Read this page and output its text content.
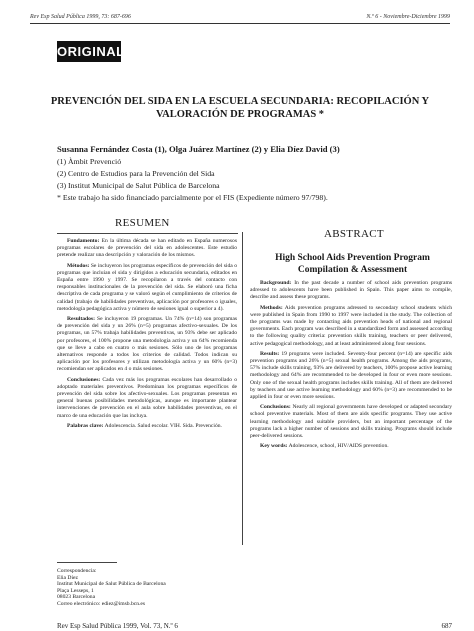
Rev Esp Salud Pública 1999, 73: 687-696	N.º 6 - Noviembre-Diciembre 1999
ORIGINAL
PREVENCIÓN DEL SIDA EN LA ESCUELA SECUNDARIA: RECOPILACIÓN Y
VALORACIÓN DE PROGRAMAS *
Susanna Fernández Costa (1), Olga Juárez Martínez (2) y Elia Díez David (3)
(1) Àmbit Prevenció
(2) Centro de Estudios para la Prevención del Sida
(3) Institut Municipal de Salut Pública de Barcelona
* Este trabajo ha sido financiado parcialmente por el FIS (Expediente número 97/798).
RESUMEN

Fundamento: En la última década se han editado en España numerosos programas escolares de prevención del sida en adolescentes. Este estudio pretende realizar una descripción y valoración de los mismos.

Métodos: Se incluyeron los programas específicos de prevención del sida o programas que incluían el sida y dirigidos a educación secundaria, editados en España entre 1990 y 1997. Se recopilaron a través del contacto con responsables institucionales de la prevención del sida. Se elaboró una ficha descriptiva de cada programa y se valoró según el cumplimiento de criterios de calidad (trabajo de habilidades preventivas, aplicación por profesores o iguales, metodología pedagógica activa y número de sesiones igual o superior a 4).

Resultados: Se incluyeron 19 programas. Un 74% (n=14) son programas de prevención del sida y un 26% (n=5) programas afectivo-sexuales. De los programas, un 57% trabaja habilidades preventivas, un 93% debe ser aplicado por profesores, el 100% propone una metodología activa y un 64% recomienda que se lleve a cabo en cuatro o más sesiones. Sólo uno de los programas alternativos responde a todos los criterios de calidad. Todos indican su aplicación por los profesores y utilizan metodología activa y un 60% (n=3) recomiendan ser aplicados en 4 o más sesiones.

Conclusiones: Cada vez más los programas escolares han desarrollado o adoptado materiales preventivos. Predominan los programas específicos de prevención del sida sobre los afectivo-sexuales. Los programas presentan en general buenas posibilidades metodológicas, aunque es importante plantear intervenciones de prevención en el aula sobre habilidades preventivas, en el marco de una educación que las incluya.

Palabras clave: Adolescencia. Salud escolar. VIH. Sida. Prevención.

ABSTRACT
High School Aids Prevention Program
Compilation & Assessment

Background: In the past decade a number of school aids prevention programs adressed to adolescents have been published in Spain. This paper aims to compile, describe and assess these programs.

Methods: Aids prevention programs adressed to secondary school students which were published in Spain from 1990 to 1997 were included in the study. The collection of the programs was made by contacting aids prevention heads of national and regional governments. Each program was described in a standardized form and assessed according to the following quality criteria: prevention skills training, teachers or peer delivered, active pedagogical methodology, and at least administered along four sessions.

Results: 19 programs were included. Seventy-four percent (n=14) are specific aids prevention programs and 26% (n=5) sexual health programs. Among the aids programs, 57% include skills training, 93% are delivered by teachers, 100% propose active learning methodology and 64% are recommended to be developed in four or even more sessions. Only one of the sexual health programs includes skills training. All of them are delivered by teachers and use active learning methodology and 60% (n=3) are recommended to be applied in four or even more sessions.

Conclusions: Nearly all regional governments have developed or adapted secondary school preventive materials. Most of them are aids specific programs. They use active learning methodology and suitable providers, but an important percentage of the programs lack a higher number of sessions and skills training. Programs should include peer-delivered sessions.

Key words: Adolescence, school, HIV/AIDS prevention.

Correspondencia:
Elia Díez
Institut Municipal de Salut Pública de Barcelona
Plaça Lesseps, 1
08023 Barcelona
Correo electrónico: ediez@imsb.bcn.es
Rev Esp Salud Pública 1999, Vol. 73, N.º 6	687
